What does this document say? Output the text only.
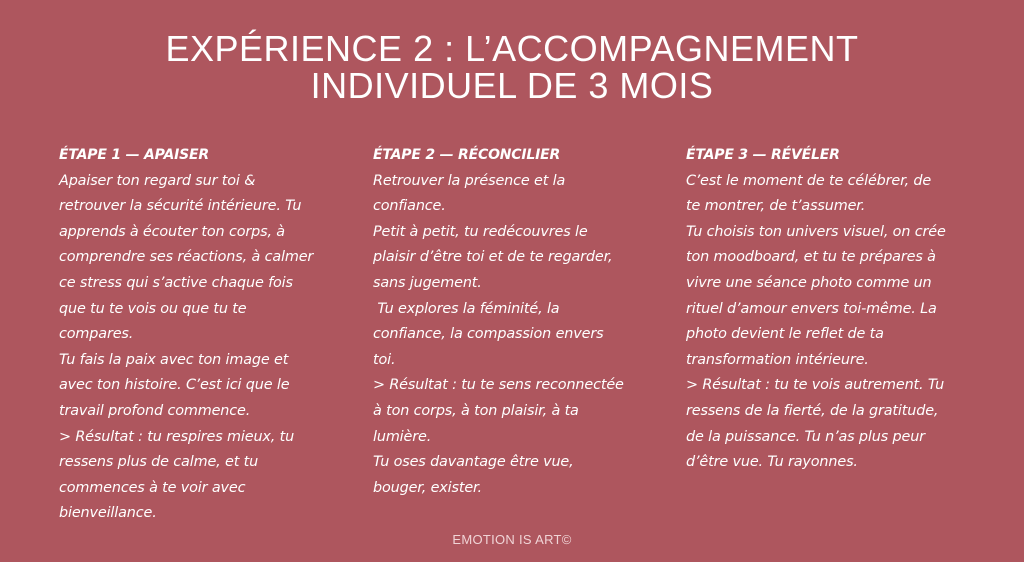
EXPÉRIENCE 2 : L’ACCOMPAGNEMENT
INDIVIDUEL DE 3 MOIS

ÉTAPE 1 — APAISER

Apaiser ton regard sur toi &

retrouver la sécurité intérieure. Tu

apprends à écouter ton corps, à

comprendre ses réactions, à calmer

ce stress qui s’active chaque fois

que tu te vois ou que tu te

compares.

Tu fais la paix avec ton image et

avec ton histoire. C’est ici que le

travail profond commence.

> Résultat : tu respires mieux, tu

ressens plus de calme, et tu

commences à te voir avec

bienveillance.

ÉTAPE 2 — RÉCONCILIER

Retrouver la présence et la

confiance.

Petit à petit, tu redécouvres le

plaisir d’être toi et de te regarder,

sans jugement.

Tu explores la féminité, la

confiance, la compassion envers

toi.

> Résultat : tu te sens reconnectée

à ton corps, à ton plaisir, à ta

lumière.

Tu oses davantage être vue,

bouger, exister.

ÉTAPE 3 — RÉVÉLER

C’est le moment de te célébrer, de

te montrer, de t’assumer.

Tu choisis ton univers visuel, on crée

ton moodboard, et tu te prépares à

vivre une séance photo comme un

rituel d’amour envers toi-même. La

photo devient le reflet de ta

transformation intérieure.

> Résultat : tu te vois autrement. Tu

ressens de la fierté, de la gratitude,

de la puissance. Tu n’as plus peur

d’être vue. Tu rayonnes.

EMOTION IS ART©
